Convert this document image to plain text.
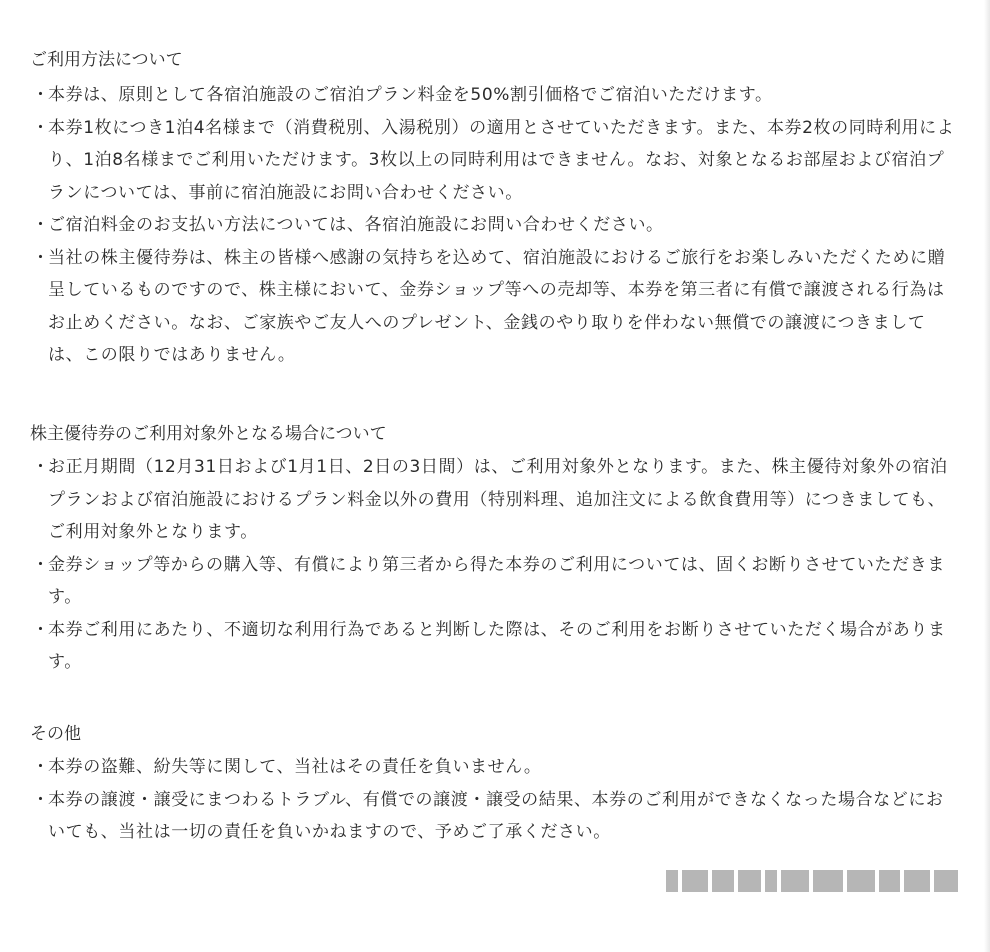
ご利用方法について
・
本券は、原則として各宿泊施設のご宿泊プラン料金を50%割引価格でご宿泊いただけます。
・
本券1枚につき1泊4名様まで（消費税別、入湯税別）の適用とさせていただきます。また、本券2枚の同時利用により、1泊8名様までご利用いただけます。3枚以上の同時利用はできません。なお、対象となるお部屋および宿泊プランについては、事前に宿泊施設にお問い合わせください。
・
ご宿泊料金のお支払い方法については、各宿泊施設にお問い合わせください。
・
当社の株主優待券は、株主の皆様へ感謝の気持ちを込めて、宿泊施設におけるご旅行をお楽しみいただくために贈呈しているものですので、株主様において、金券ショップ等への売却等、本券を第三者に有償で譲渡される行為はお止めください。なお、ご家族やご友人へのプレゼント、金銭のやり取りを伴わない無償での譲渡につきましては、この限りではありません。
株主優待券のご利用対象外となる場合について
・
お正月期間（12月31日および1月1日、2日の3日間）は、ご利用対象外となります。また、株主優待対象外の宿泊プランおよび宿泊施設におけるプラン料金以外の費用（特別料理、追加注文による飲食費用等）につきましても、ご利用対象外となります。
・
金券ショップ等からの購入等、有償により第三者から得た本券のご利用については、固くお断りさせていただきます。
・
本券ご利用にあたり、不適切な利用行為であると判断した際は、そのご利用をお断りさせていただく場合があります。
その他
・
本券の盗難、紛失等に関して、当社はその責任を負いません。
・
本券の譲渡・譲受にまつわるトラブル、有償での譲渡・譲受の結果、本券のご利用ができなくなった場合などにおいても、当社は一切の責任を負いかねますので、予めご了承ください。
